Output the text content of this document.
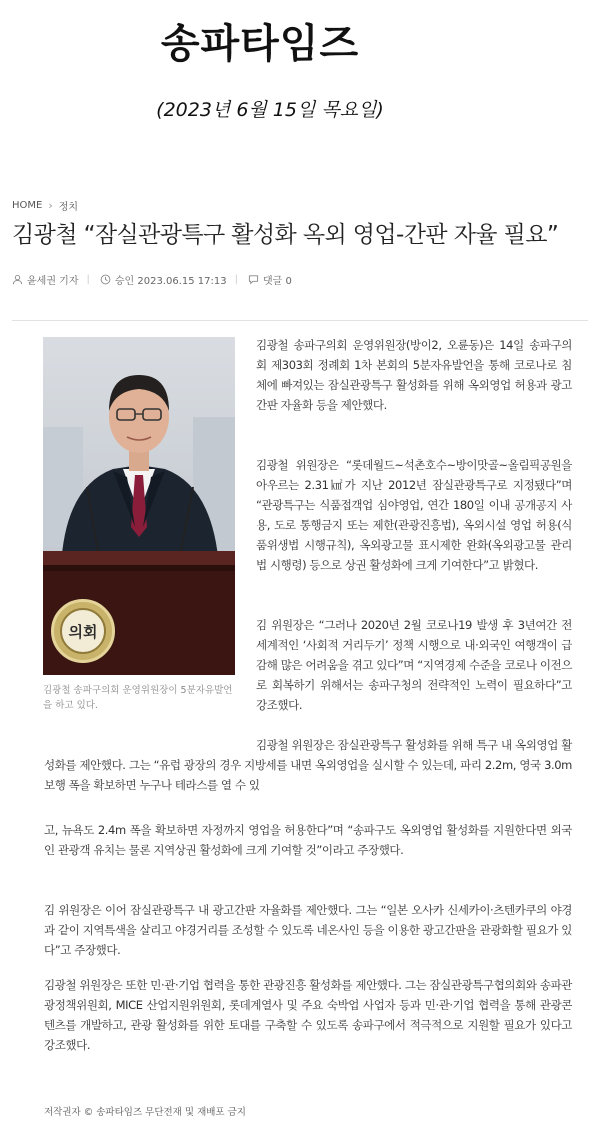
송파타임즈
(2023년 6월 15일 목요일)
HOME › 정치
김광철 “잠실관광특구 활성화 옥외 영업-간판 자율 필요”
윤세권 기자 |	승인 2023.06.15 17:13 |	댓글 0
의회
김광철 송파구의회 운영위원장이 5분자유발언을 하고 있다.

김광철 송파구의회 운영위원장(방이2, 오륜동)은 14일 송파구의회 제303회 정례회 1차 본회의 5분자유발언을 통해 코로나로 침체에 빠져있는 잠실관광특구 활성화를 위해 옥외영업 허용과 광고간판 자율화 등을 제안했다.

김광철 위원장은 “롯데월드~석촌호수~방이맛골~올림픽공원을 아우르는 2.31㎢가 지난 2012년 잠실관광특구로 지정됐다”며 “관광특구는 식품접객업 심야영업, 연간 180일 이내 공개공지 사용, 도로 통행금지 또는 제한(관광진흥법), 옥외시설 영업 허용(식품위생법 시행규칙), 옥외광고물 표시제한 완화(옥외광고물 관리법 시행령) 등으로 상권 활성화에 크게 기여한다”고 밝혔다.

김 위원장은 “그러나 2020년 2월 코로나19 발생 후 3년여간 전 세계적인 ‘사회적 거리두기’ 정책 시행으로 내·외국인 여행객이 급감해 많은 어려움을 겪고 있다”며 “지역경제 수준을 코로나 이전으로 회복하기 위해서는 송파구청의 전략적인 노력이 필요하다”고 강조했다.

김광철 위원장은 잠실관광특구 활성화를 위해 특구 내 옥외영업 활성화를 제안했다. 그는 “유럽 광장의 경우 지방세를 내면 옥외영업을 실시할 수 있는데, 파리 2.2m, 영국 3.0m 보행 폭을 확보하면 누구나 테라스를 열 수 있

고, 뉴욕도 2.4m 폭을 확보하면 자정까지 영업을 허용한다”며 “송파구도 옥외영업 활성화를 지원한다면 외국인 관광객 유치는 물론 지역상권 활성화에 크게 기여할 것”이라고 주장했다.

김 위원장은 이어 잠실관광특구 내 광고간판 자율화를 제안했다. 그는 “일본 오사카 신세카이·츠텐카쿠의 야경과 같이 지역특색을 살리고 야경거리를 조성할 수 있도록 네온사인 등을 이용한 광고간판을 관광화할 필요가 있다”고 주장했다.

김광철 위원장은 또한 민·관·기업 협력을 통한 관광진흥 활성화를 제안했다. 그는 잠실관광특구협의회와 송파관광정책위원회, MICE 산업지원위원회, 롯데계열사 및 주요 숙박업 사업자 등과 민·관·기업 협력을 통해 관광콘텐츠를 개발하고, 관광 활성화를 위한 토대를 구축할 수 있도록 송파구에서 적극적으로 지원할 필요가 있다고 강조했다.

저작권자 © 송파타임즈 무단전재 및 재배포 금지
